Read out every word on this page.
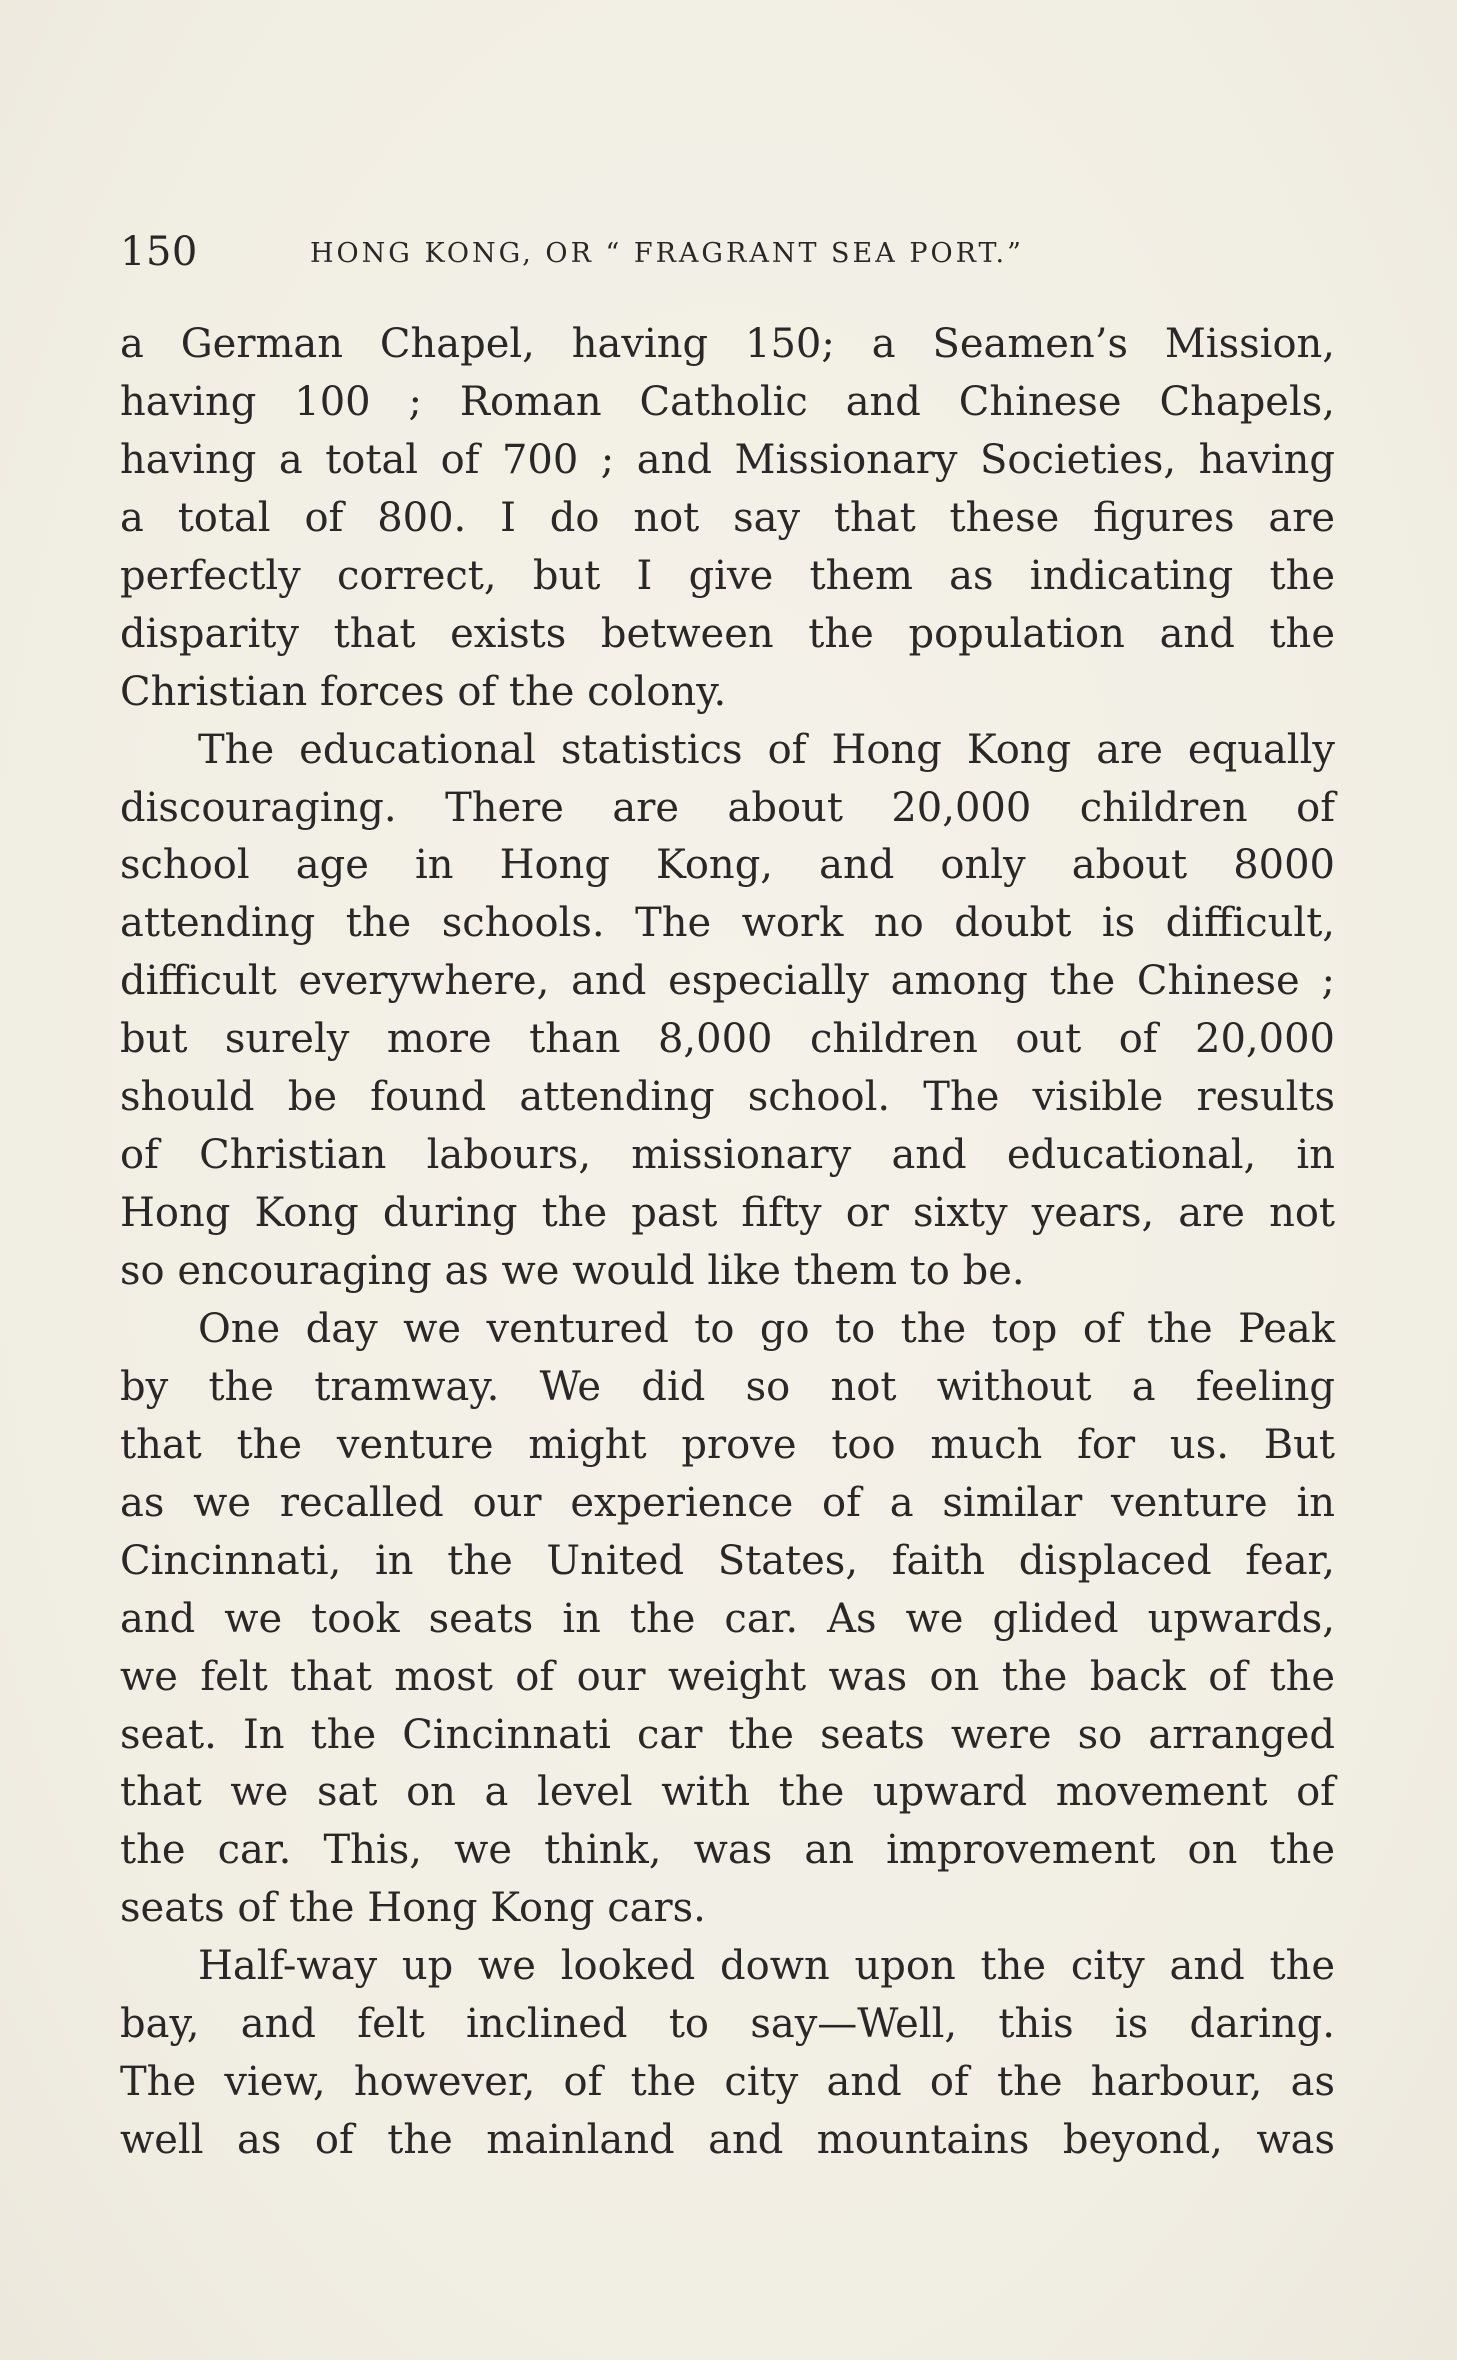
150	HONG KONG, OR “ FRAGRANT SEA PORT.”
a German Chapel, having 150; a Seamen’s Mission,
having 100 ; Roman Catholic and Chinese Chapels,
having a total of 700 ; and Missionary Societies, having
a total of 800. I do not say that these figures are
perfectly correct, but I give them as indicating the
disparity that exists between the population and the
Christian forces of the colony.
The educational statistics of Hong Kong are equally
discouraging. There are about 20,000 children of
school age in Hong Kong, and only about 8000
attending the schools. The work no doubt is difficult,
difficult everywhere, and especially among the Chinese ;
but surely more than 8,000 children out of 20,000
should be found attending school. The visible results
of Christian labours, missionary and educational, in
Hong Kong during the past fifty or sixty years, are not
so encouraging as we would like them to be.
One day we ventured to go to the top of the Peak
by the tramway. We did so not without a feeling
that the venture might prove too much for us. But
as we recalled our experience of a similar venture in
Cincinnati, in the United States, faith displaced fear,
and we took seats in the car. As we glided upwards,
we felt that most of our weight was on the back of the
seat. In the Cincinnati car the seats were so arranged
that we sat on a level with the upward movement of
the car. This, we think, was an improvement on the
seats of the Hong Kong cars.
Half-way up we looked down upon the city and the
bay, and felt inclined to say—Well, this is daring.
The view, however, of the city and of the harbour, as
well as of the mainland and mountains beyond, was
